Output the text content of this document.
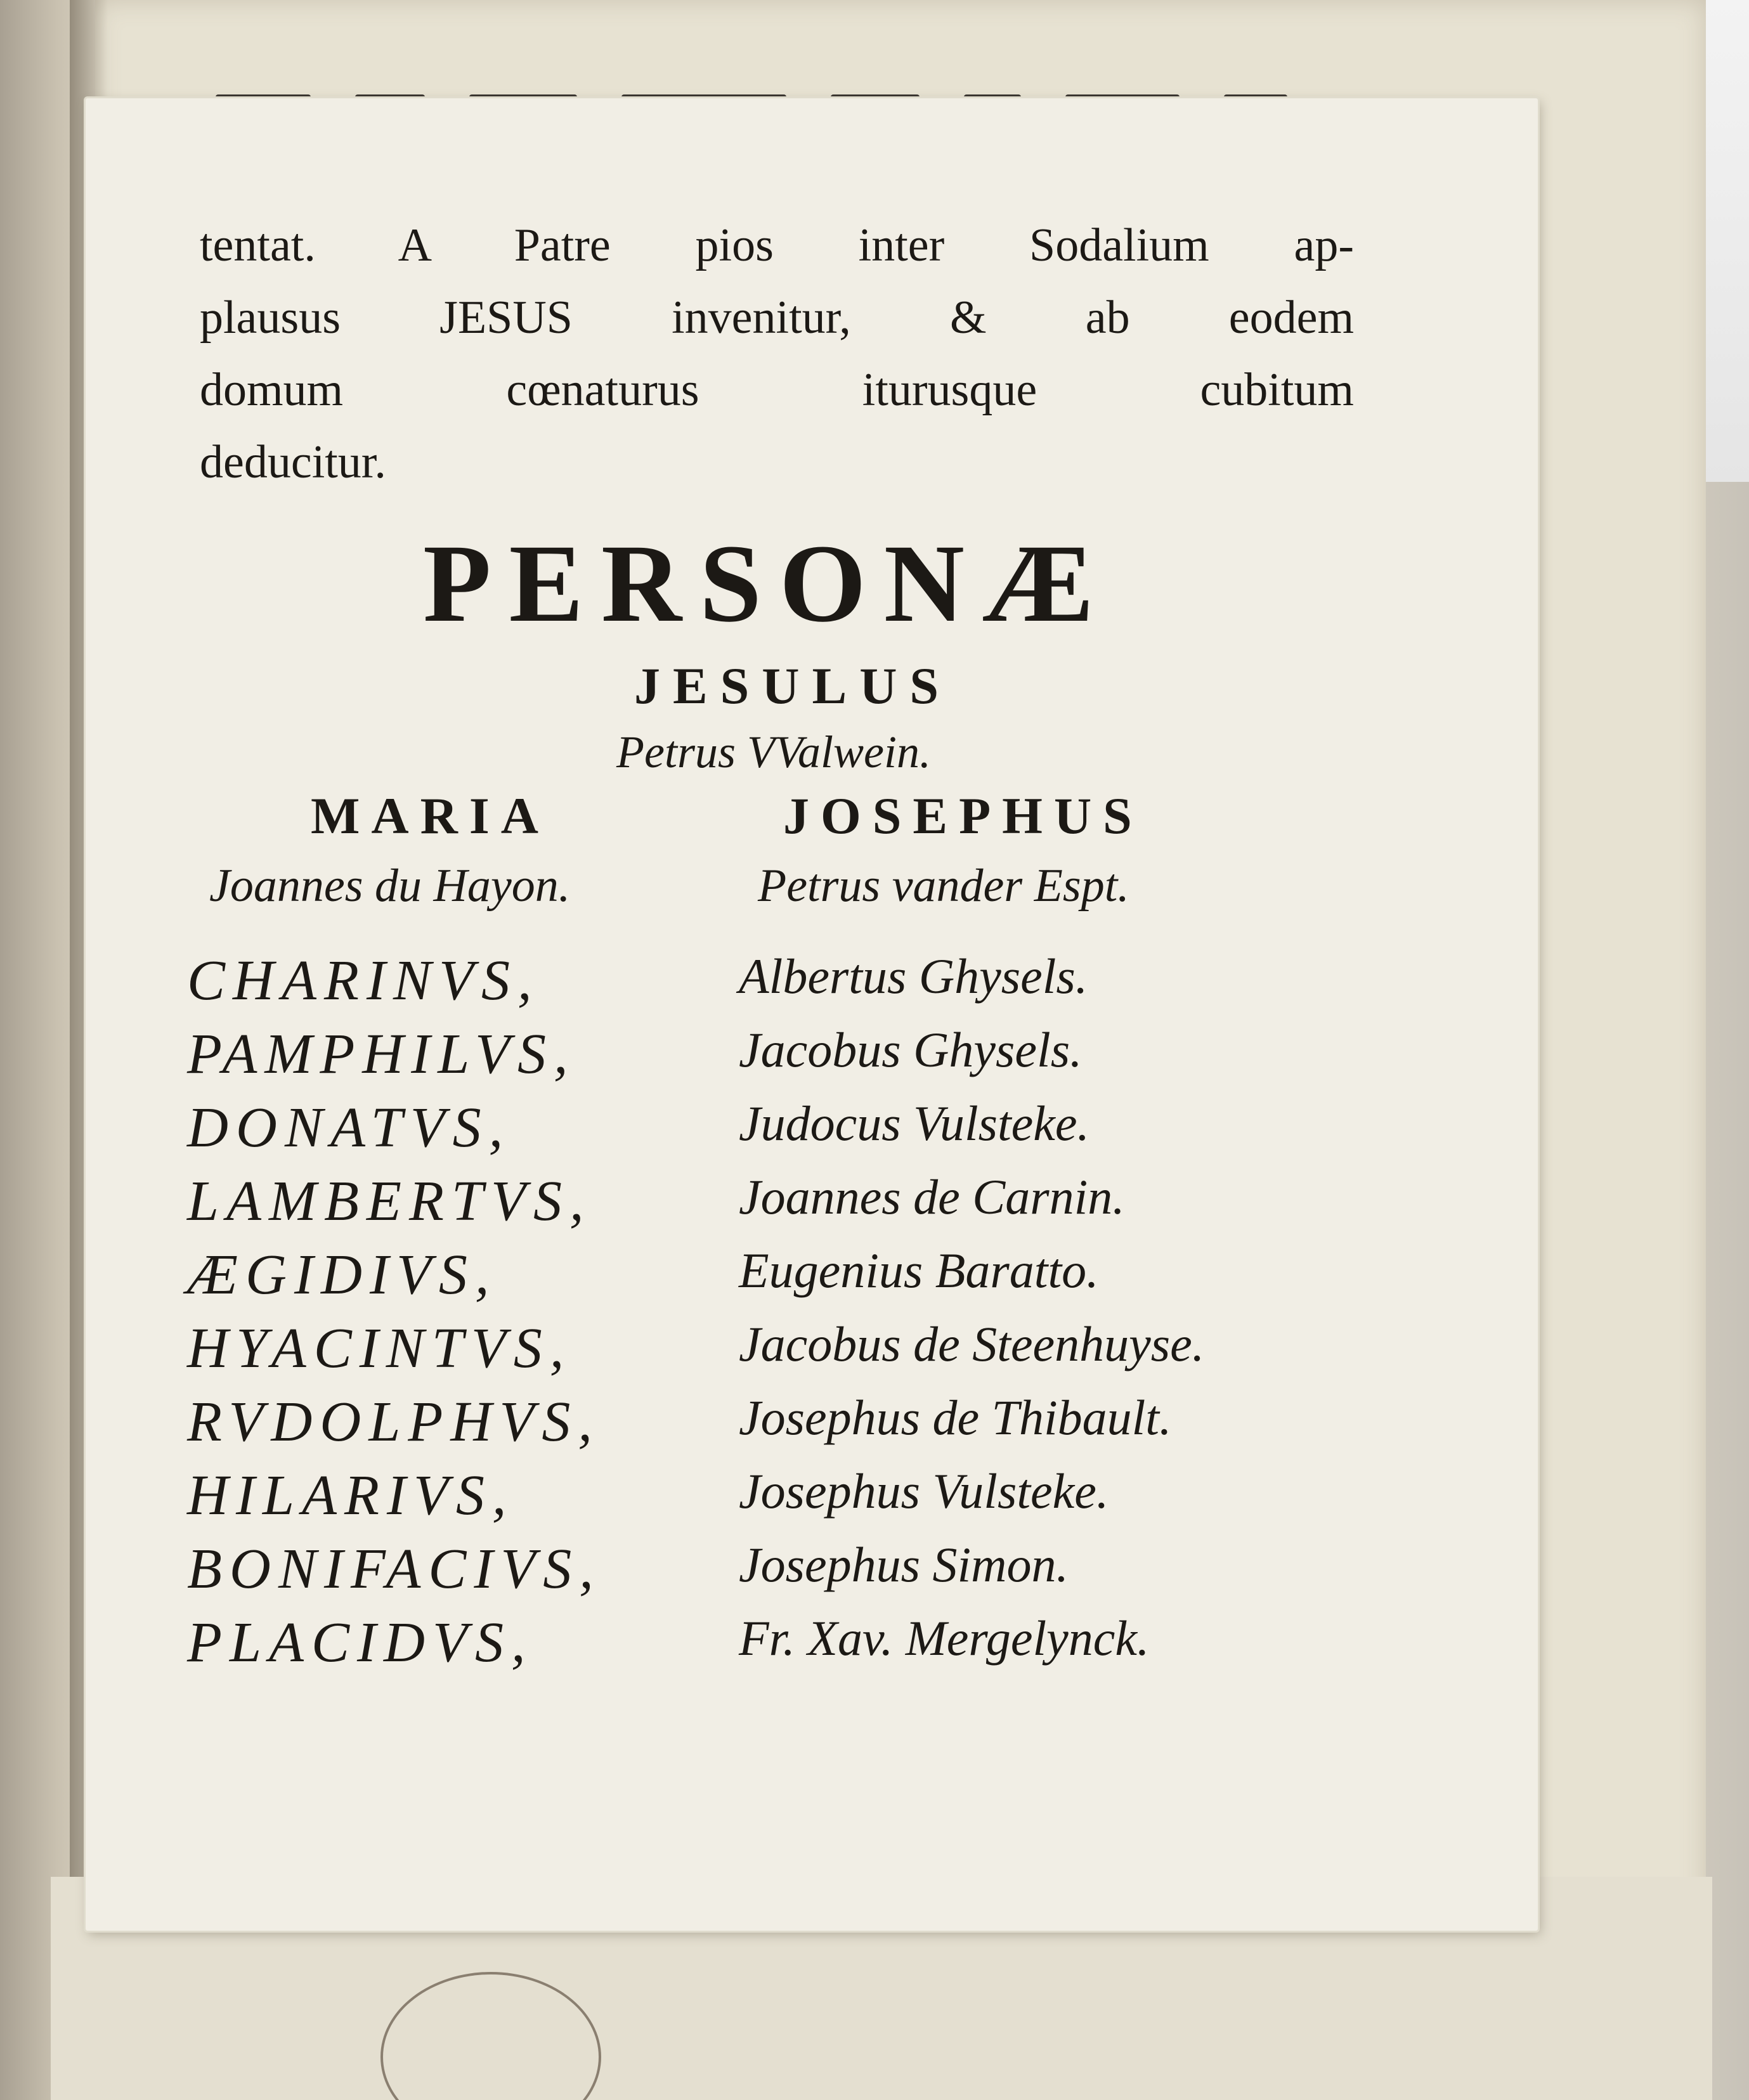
tentat. A Patre pios inter Sodalium ap-
plausus JESUS invenitur, & ab eodem
domum cœnaturus iturusque cubitum
deducitur.
PERSONÆ
JESULUS
Petrus VValwein.
MARIA	JOSEPHUS
Joannes du Hayon.	Petrus vander Espt.
CHARINVS,	Albertus Ghysels.
PAMPHILVS,	Jacobus Ghysels.
DONATVS,	Judocus Vulsteke.
LAMBERTVS,	Joannes de Carnin.
ÆGIDIVS,	Eugenius Baratto.
HYACINTVS,	Jacobus de Steenhuyse.
RVDOLPHVS,	Josephus de Thibault.
HILARIVS,	Josephus Vulsteke.
BONIFACIVS,	Josephus Simon.
PLACIDVS,	Fr. Xav. Mergelynck.
